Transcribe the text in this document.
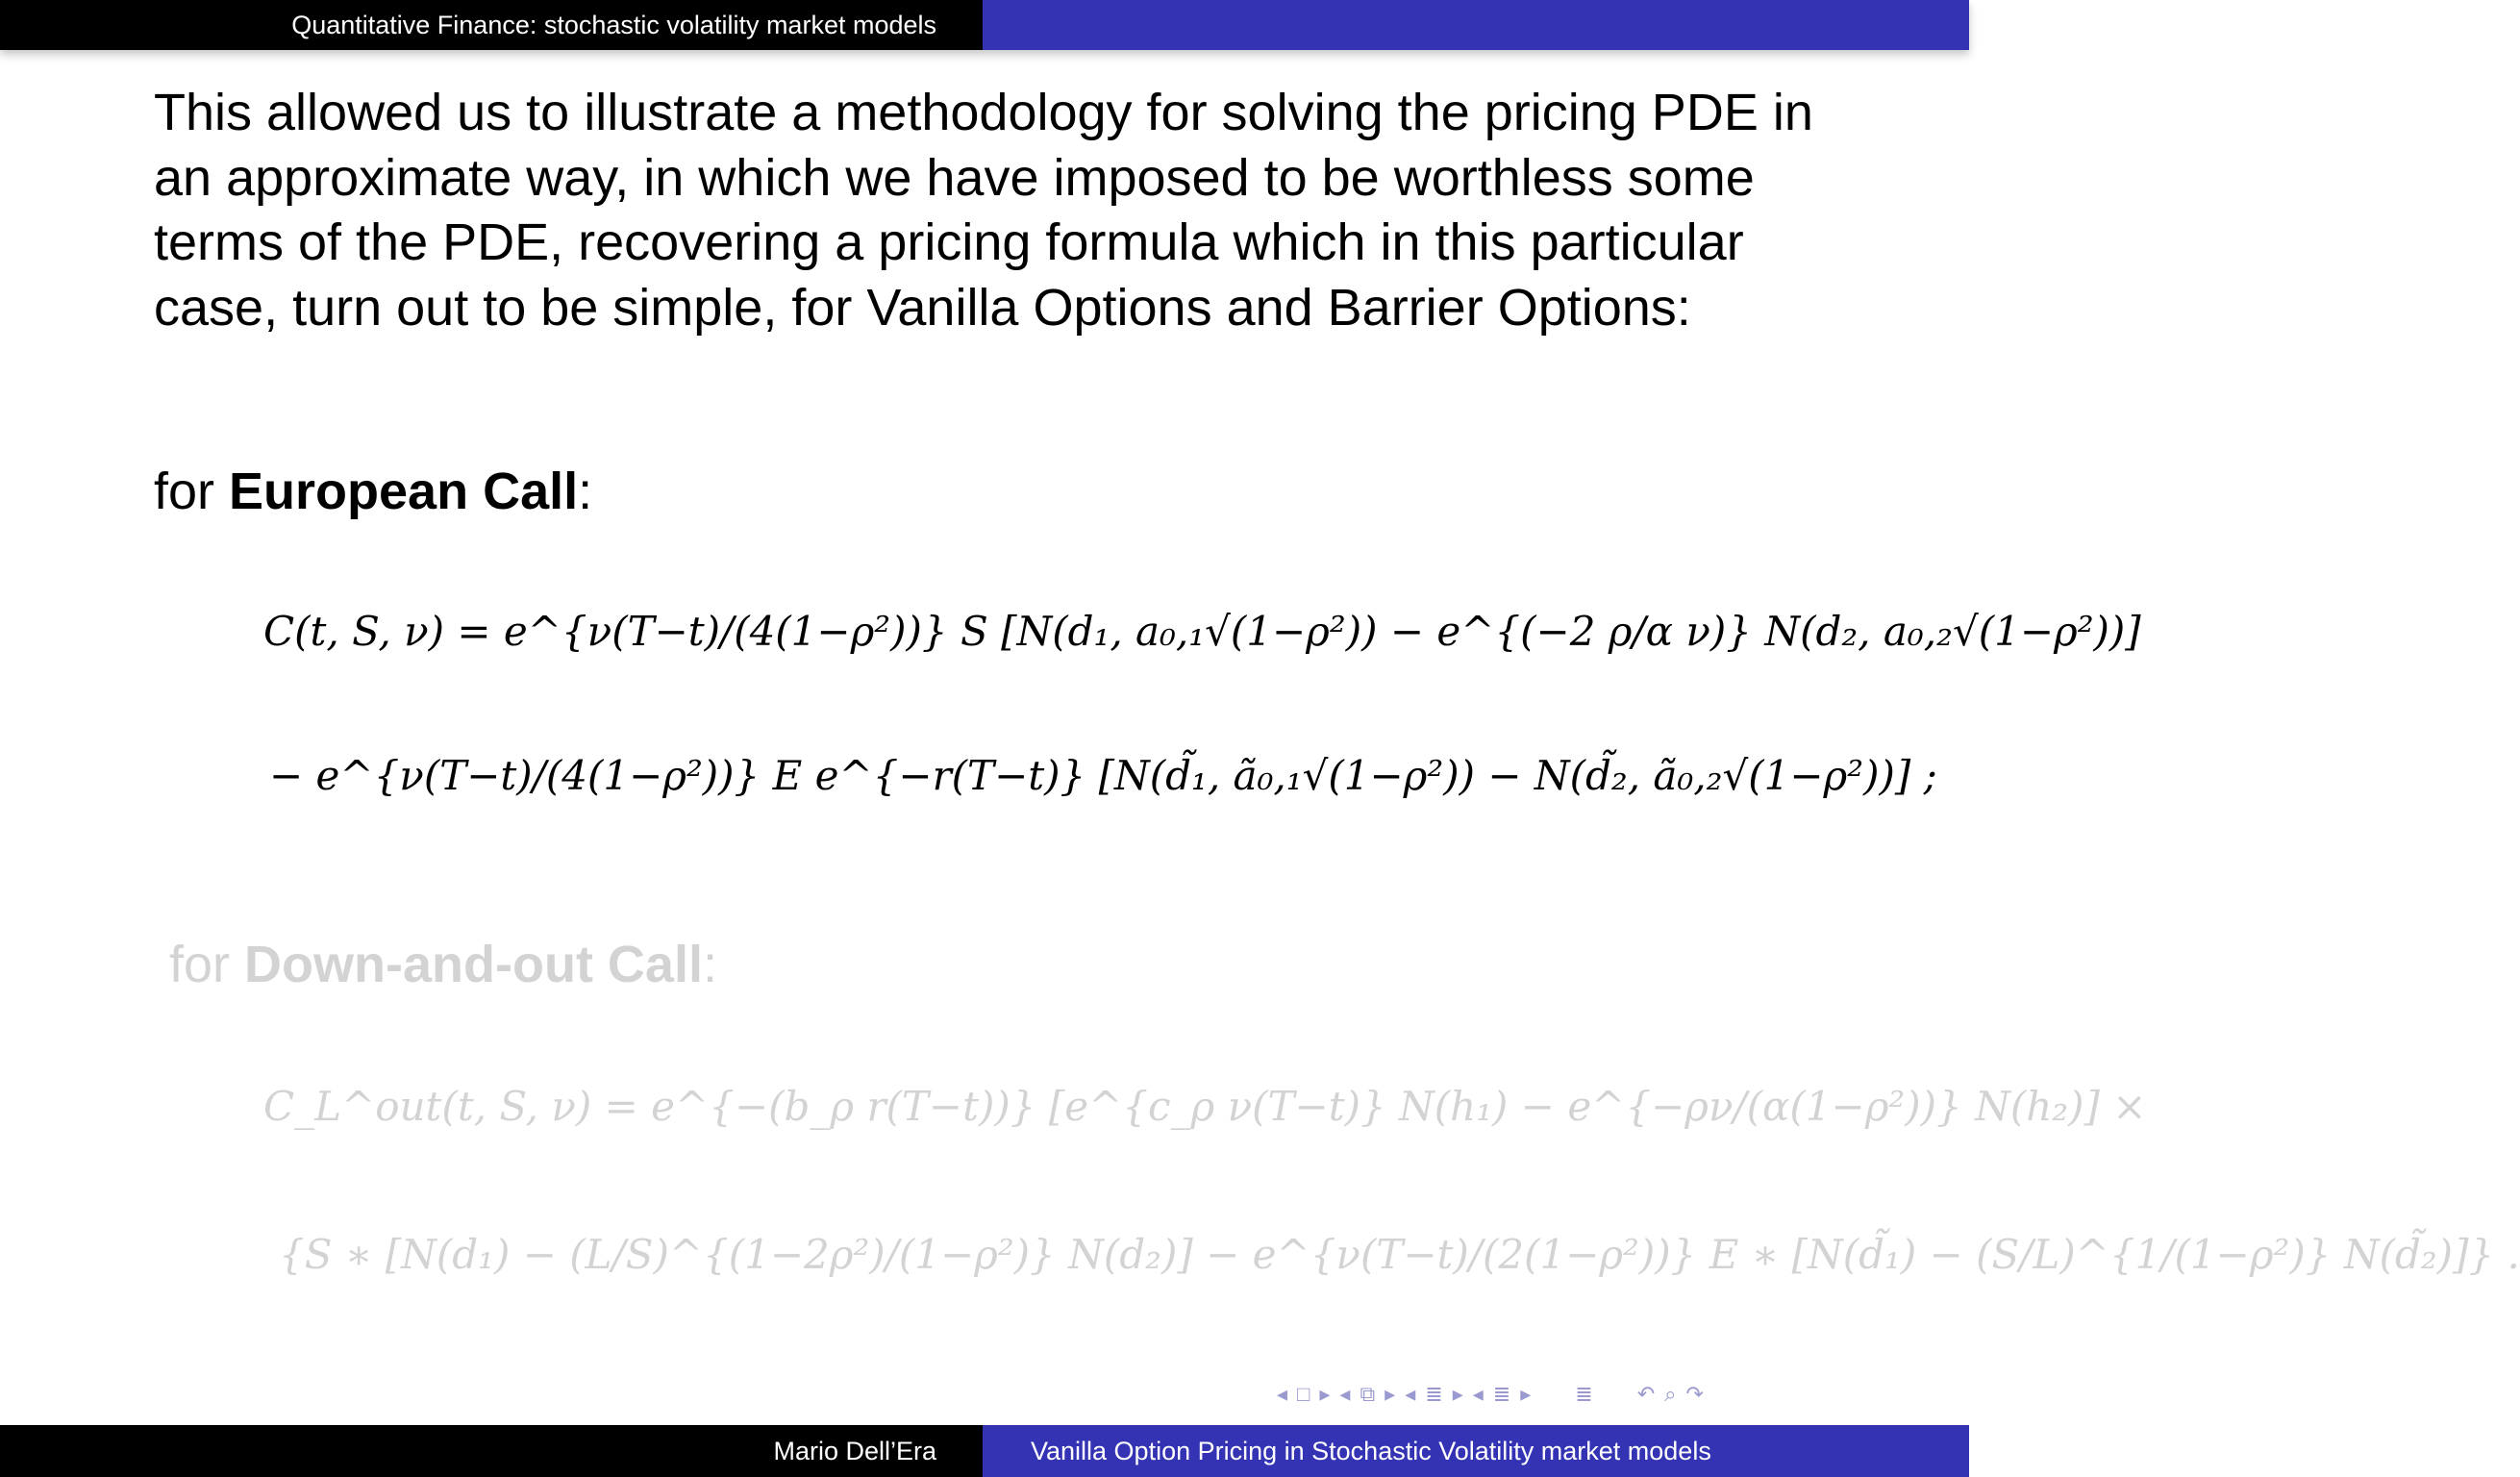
Quantitative Finance: stochastic volatility market models
This allowed us to illustrate a methodology for solving the pricing PDE in an approximate way, in which we have imposed to be worthless some terms of the PDE, recovering a pricing formula which in this particular case, turn out to be simple, for Vanilla Options and Barrier Options:
for European Call:
C(t, S, ν) = e^{ν(T−t)/(4(1−ρ²))} S [N(d₁, a₀,₁√(1−ρ²)) − e^{(−2 ρ/α ν)} N(d₂, a₀,₂√(1−ρ²))]
− e^{ν(T−t)/(4(1−ρ²))} E e^{−r(T−t)} [N(d̃₁, ã₀,₁√(1−ρ²)) − N(d̃₂, ã₀,₂√(1−ρ²))] ;
for Down-and-out Call:
C_L^out(t, S, ν) = e^{−(b_ρ r(T−t))} [e^{c_ρ ν(T−t)} N(h₁) − e^{−ρν/(α(1−ρ²))} N(h₂)] ×
{S ∗ [N(d₁) − (L/S)^{(1−2ρ²)/(1−ρ²)} N(d₂)] − e^{ν(T−t)/(2(1−ρ²))} E ∗ [N(d̃₁) − (S/L)^{1/(1−ρ²)} N(d̃₂)]} .
◂ □ ▸ ◂ ⧉ ▸ ◂ ≣ ▸ ◂ ≣ ▸ ≣ ↶ ⌕ ↷
Mario Dell’Era	Vanilla Option Pricing in Stochastic Volatility market models
